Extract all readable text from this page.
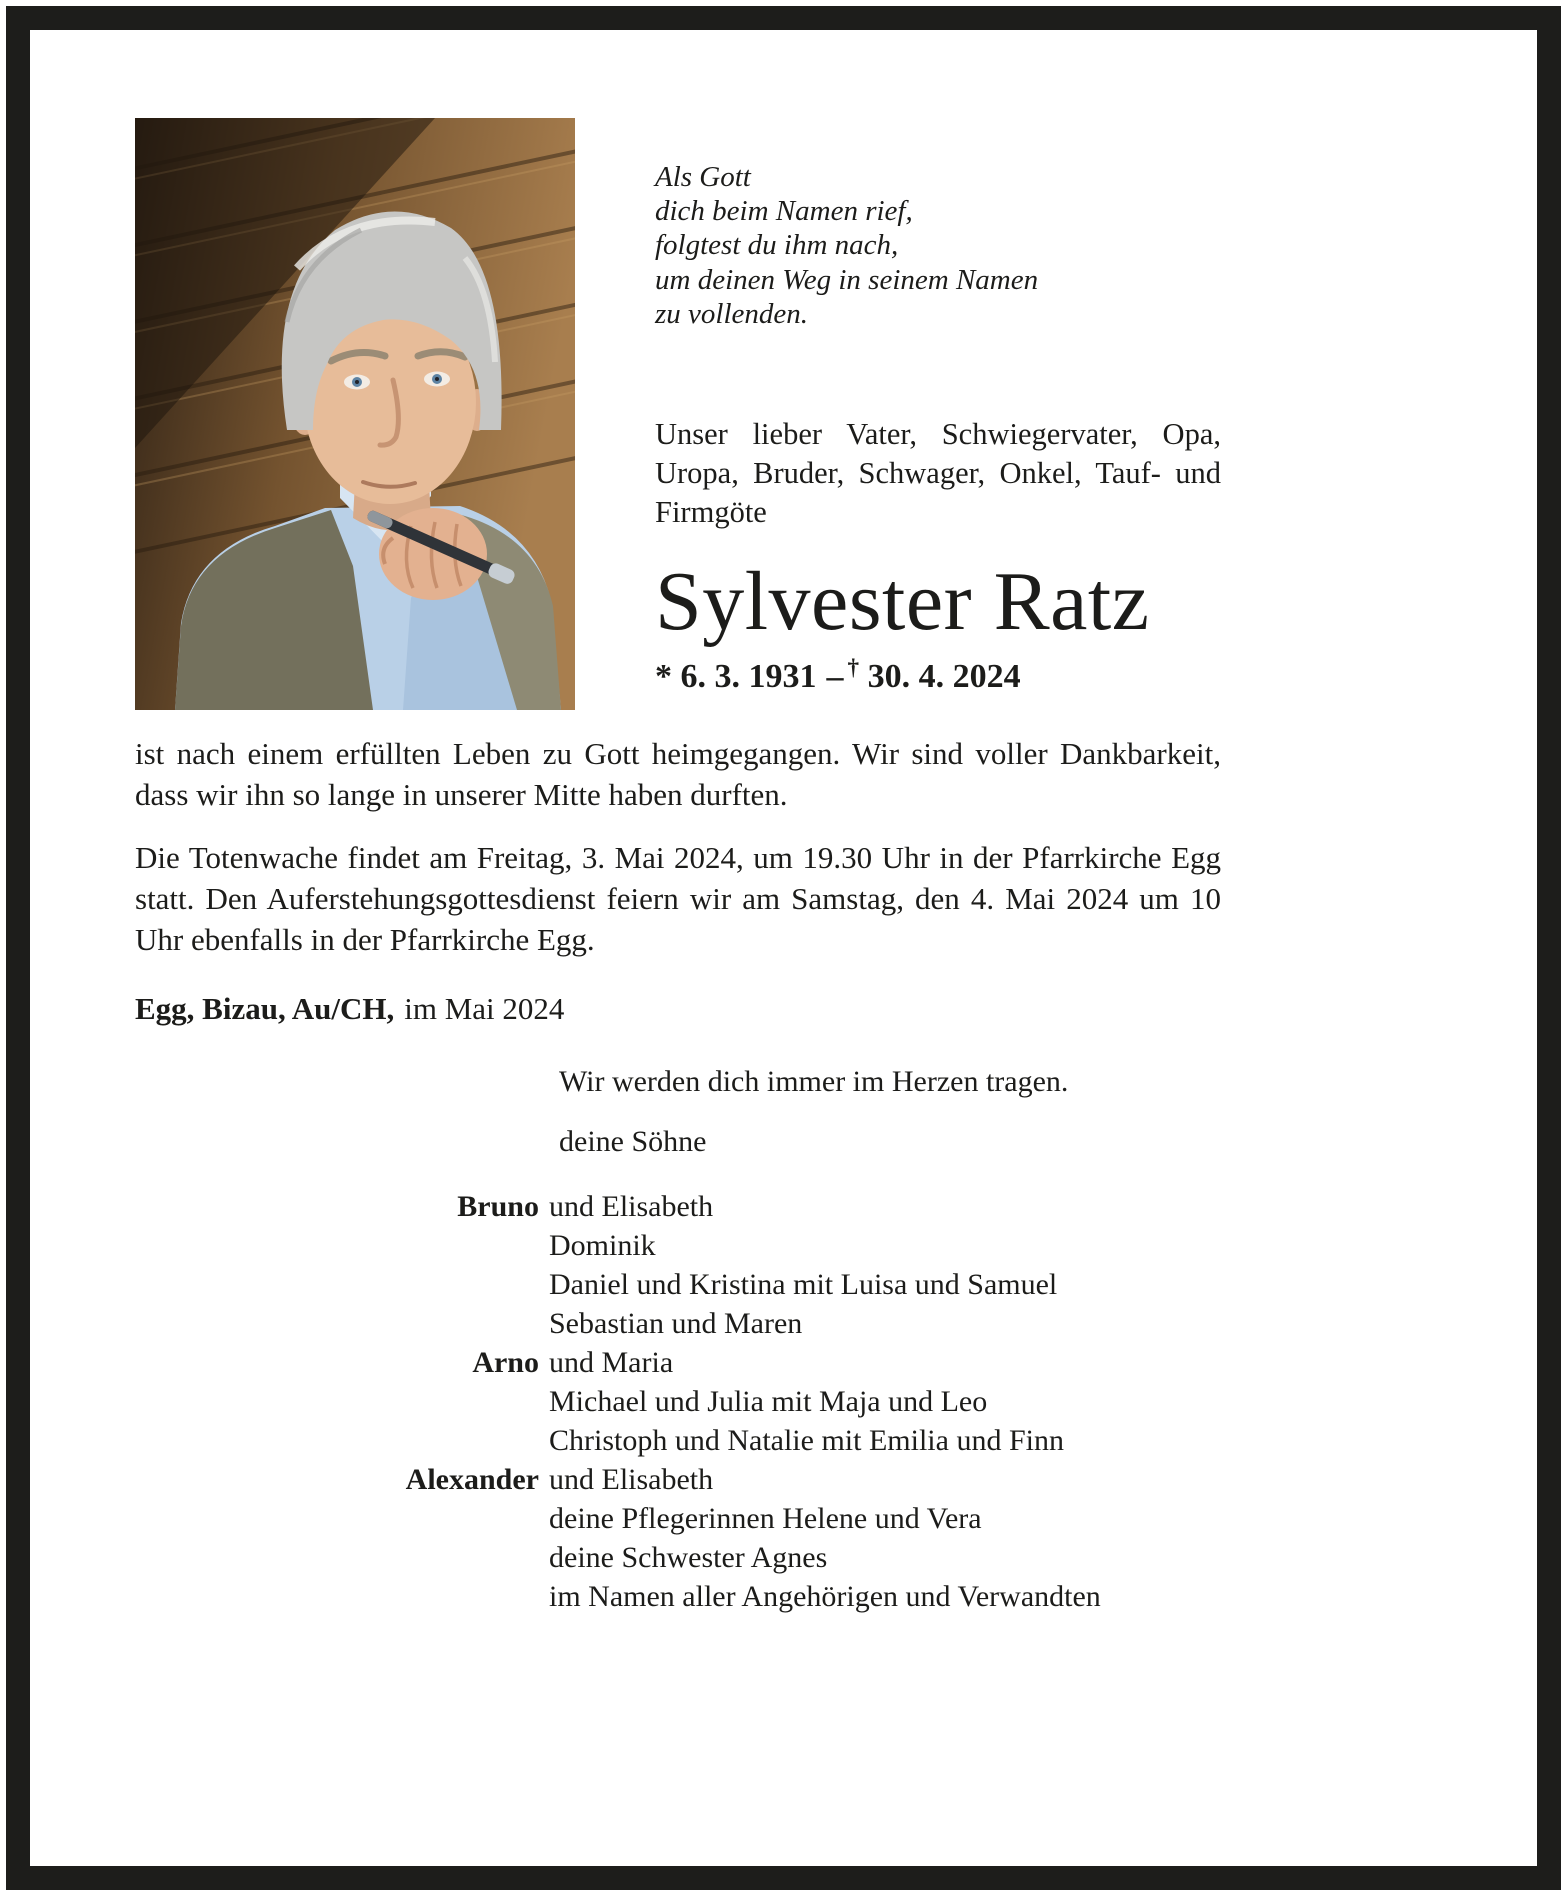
Als Gott
dich beim Namen rief,
folgtest du ihm nach,
um deinen Weg in seinem Namen
zu vollenden.

Unser lieber Vater, Schwiegervater, Opa, Uropa, Bruder, Schwager, Onkel, Tauf- und Firmgöte

Sylvester Ratz
* 6. 3. 1931 – † 30. 4. 2024

ist nach einem erfüllten Leben zu Gott heimgegangen. Wir sind voller Dankbarkeit, dass wir ihn so lange in unserer Mitte haben durften.

Die Totenwache findet am Freitag, 3. Mai 2024, um 19.30 Uhr in der Pfarrkirche Egg statt. Den Auferstehungsgottesdienst feiern wir am Samstag, den 4. Mai 2024 um 10 Uhr ebenfalls in der Pfarrkirche Egg.

Egg, Bizau, Au/CH, im Mai 2024

Wir werden dich immer im Herzen tragen.

deine Söhne

Bruno und Elisabeth
Dominik
Daniel und Kristina mit Luisa und Samuel
Sebastian und Maren
Arno und Maria
Michael und Julia mit Maja und Leo
Christoph und Natalie mit Emilia und Finn
Alexander und Elisabeth
deine Pflegerinnen Helene und Vera
deine Schwester Agnes
im Namen aller Angehörigen und Verwandten
